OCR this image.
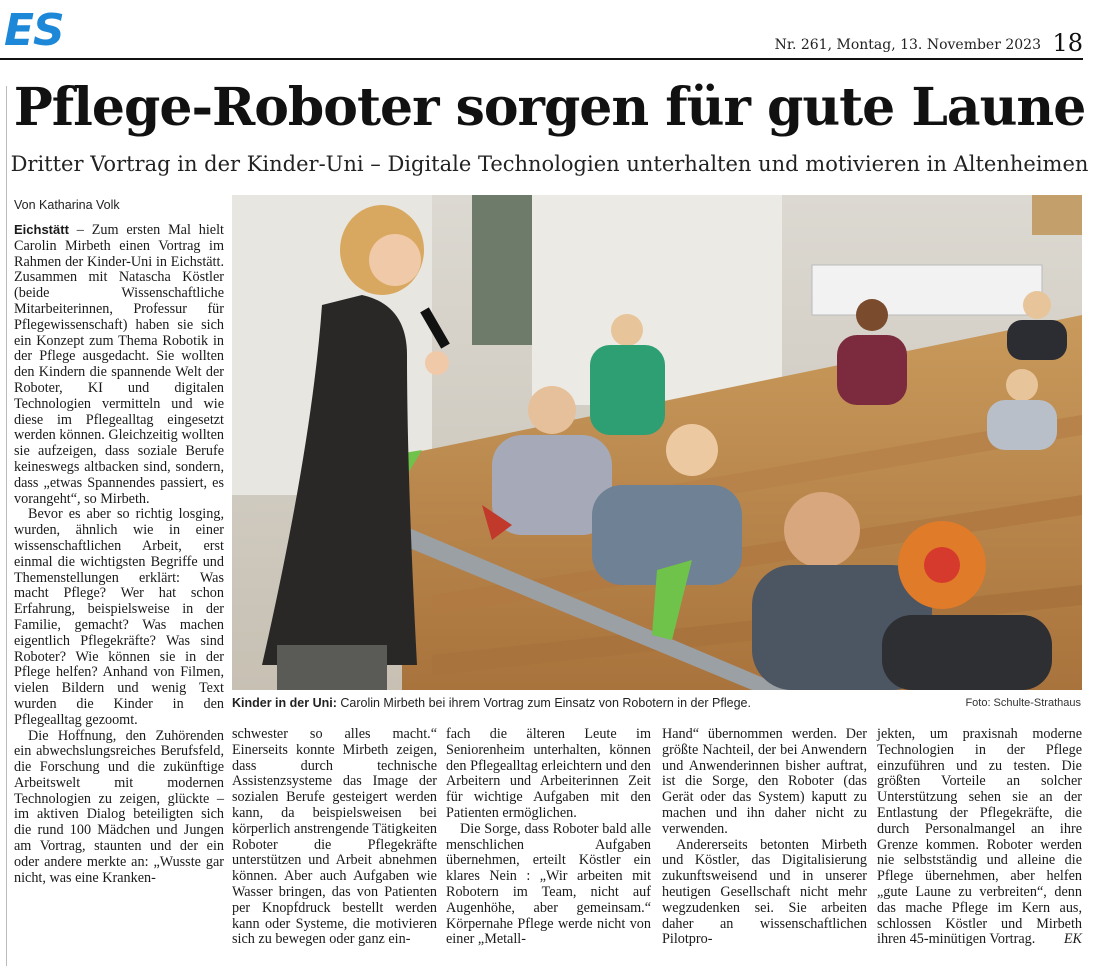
ES	Nr. 261, Montag, 13. November 2023 18
Pflege-Roboter sorgen für gute Laune
Dritter Vortrag in der Kinder-Uni – Digitale Technologien unterhalten und motivieren in Altenheimen
Von Katharina Volk

Eichstätt – Zum ersten Mal hielt Carolin Mirbeth einen Vortrag im Rahmen der Kinder-Uni in Eichstätt. Zusammen mit Natascha Köstler (beide Wissenschaftliche Mitarbeiterinnen, Professur für Pflegewissenschaft) haben sie sich ein Konzept zum Thema Robotik in der Pflege ausgedacht. Sie wollten den Kindern die spannende Welt der Roboter, KI und digitalen Technologien vermitteln und wie diese im Pflegealltag eingesetzt werden können. Gleichzeitig wollten sie aufzeigen, dass soziale Berufe keineswegs altbacken sind, sondern, dass „etwas Spannendes passiert, es vorangeht“, so Mirbeth.

Bevor es aber so richtig losging, wurden, ähnlich wie in einer wissenschaftlichen Arbeit, erst einmal die wichtigsten Begriffe und Themenstellungen erklärt: Was macht Pflege? Wer hat schon Erfahrung, beispielsweise in der Familie, gemacht? Was machen eigentlich Pflegekräfte? Was sind Roboter? Wie können sie in der Pflege helfen? Anhand von Filmen, vielen Bildern und wenig Text wurden die Kinder in den Pflegealltag gezoomt.

Die Hoffnung, den Zuhörenden ein abwechslungsreiches Berufsfeld, die Forschung und die zukünftige Arbeitswelt mit modernen Technologien zu zeigen, glückte – im aktiven Dialog beteiligten sich die rund 100 Mädchen und Jungen am Vortrag, staunten und der ein oder andere merkte an: „Wusste gar nicht, was eine Kranken-

Kinder in der Uni: Carolin Mirbeth bei ihrem Vortrag zum Einsatz von Robotern in der Pflege.	Foto: Schulte-Strathaus

schwester so alles macht.“ Einerseits konnte Mirbeth zeigen, dass durch technische Assistenzsysteme das Image der sozialen Berufe gesteigert werden kann, da beispielsweisen bei körperlich anstrengende Tätigkeiten Roboter die Pflegekräfte unterstützen und Arbeit abnehmen können. Aber auch Aufgaben wie Wasser bringen, das von Patienten per Knopfdruck bestellt werden kann oder Systeme, die motivieren sich zu bewegen oder ganz ein-

fach die älteren Leute im Seniorenheim unterhalten, können den Pflegealltag erleichtern und den Arbeitern und Arbeiterinnen Zeit für wichtige Aufgaben mit den Patienten ermöglichen.

Die Sorge, dass Roboter bald alle menschlichen Aufgaben übernehmen, erteilt Köstler ein klares Nein : „Wir arbeiten mit Robotern im Team, nicht auf Augenhöhe, aber gemeinsam.“ Körpernahe Pflege werde nicht von einer „Metall-

Hand“ übernommen werden. Der größte Nachteil, der bei Anwendern und Anwenderinnen bisher auftrat, ist die Sorge, den Roboter (das Gerät oder das System) kaputt zu machen und ihn daher nicht zu verwenden.

Andererseits betonten Mirbeth und Köstler, das Digitalisierung zukunftsweisend und in unserer heutigen Gesellschaft nicht mehr wegzudenken sei. Sie arbeiten daher an wissenschaftlichen Pilotpro-

jekten, um praxisnah moderne Technologien in der Pflege einzuführen und zu testen. Die größten Vorteile an solcher Unterstützung sehen sie an der Entlastung der Pflegekräfte, die durch Personalmangel an ihre Grenze kommen. Roboter werden nie selbstständig und alleine die Pflege übernehmen, aber helfen „gute Laune zu verbreiten“, denn das mache Pflege im Kern aus, schlossen Köstler und Mirbeth ihren 45-minütigen Vortrag. EK
